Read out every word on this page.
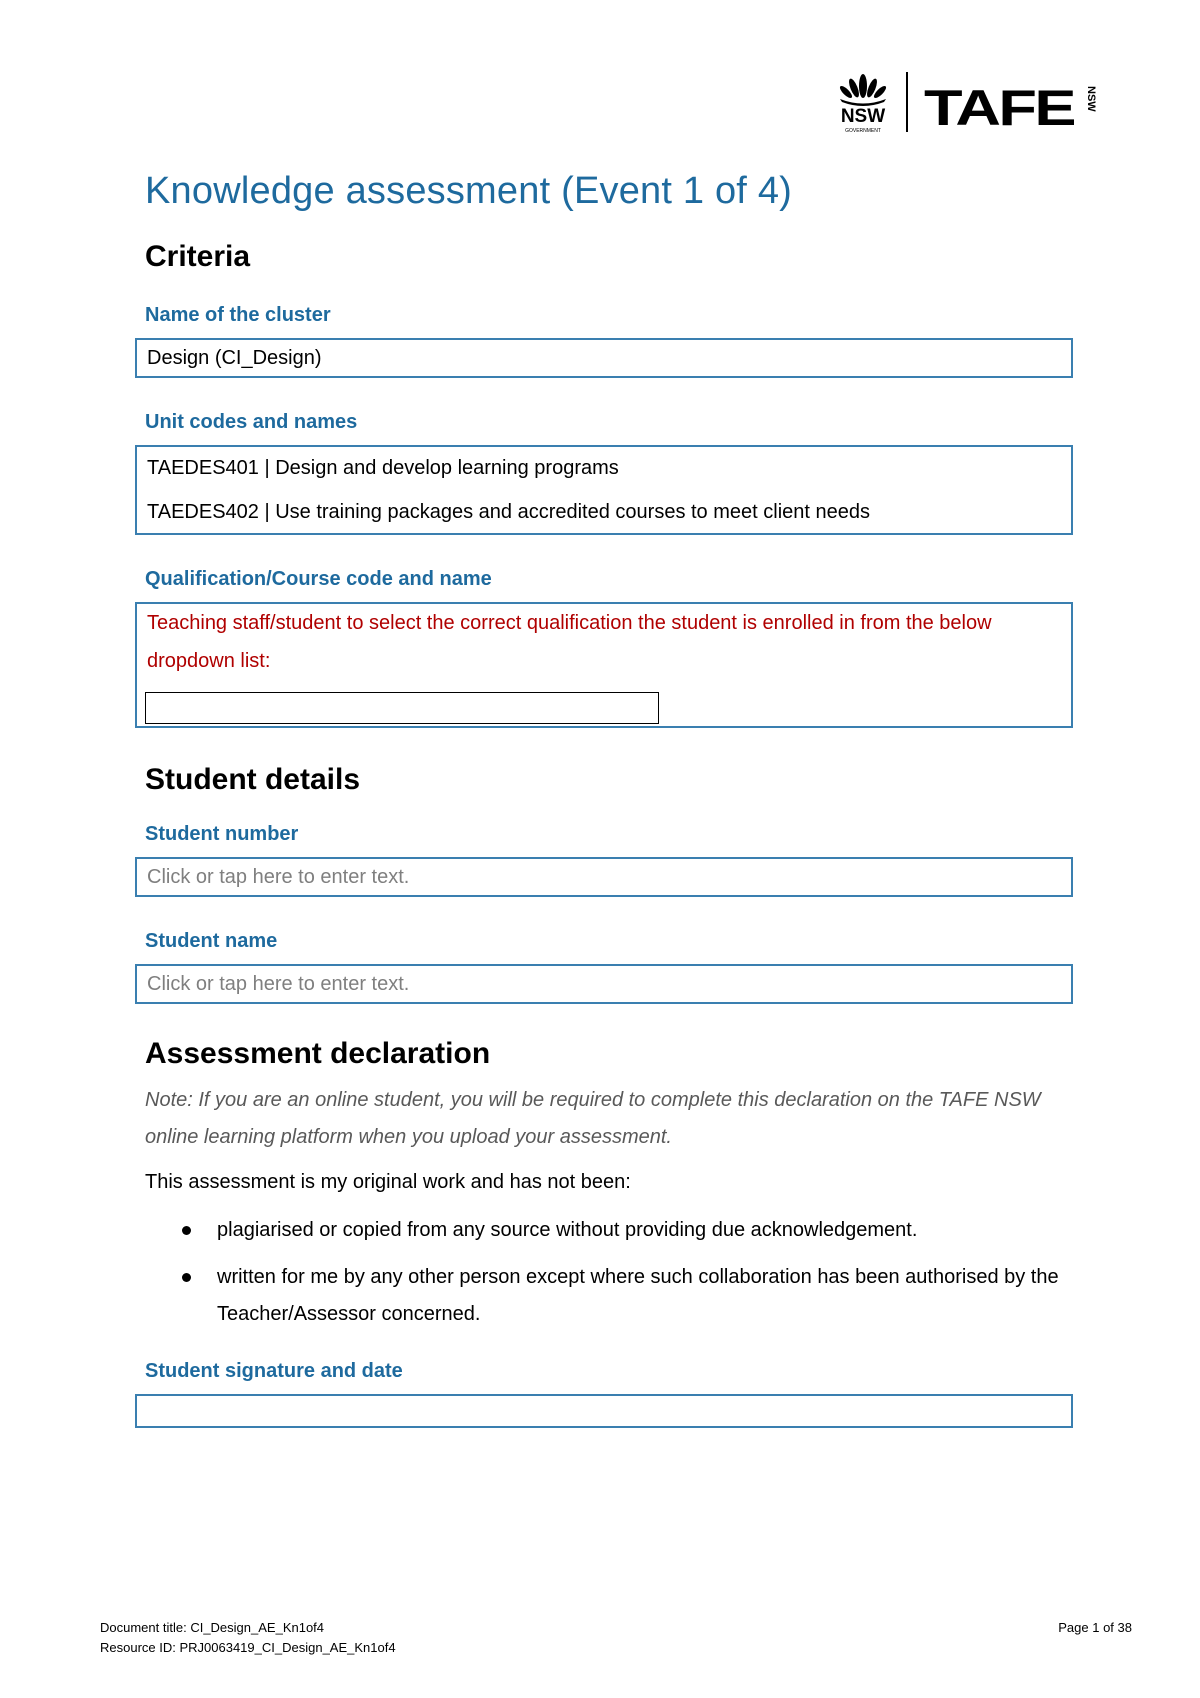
NSW
GOVERNMENT TAFE NSW
Knowledge assessment (Event 1 of 4)
Criteria
Name of the cluster
Design (CI_Design)
Unit codes and names
TAEDES401 | Design and develop learning programs
TAEDES402 | Use training packages and accredited courses to meet client needs
Qualification/Course code and name
Teaching staff/student to select the correct qualification the student is enrolled in from the below dropdown list:
Student details
Student number
Click or tap here to enter text.
Student name
Click or tap here to enter text.
Assessment declaration

Note: If you are an online student, you will be required to complete this declaration on the TAFE NSW online learning platform when you upload your assessment.

This assessment is my original work and has not been:

plagiarised or copied from any source without providing due acknowledgement.
written for me by any other person except where such collaboration has been authorised by the Teacher/Assessor concerned.
Student signature and date
Document title: CI_Design_AE_Kn1of4
Resource ID: PRJ0063419_CI_Design_AE_Kn1of4
Page 1 of 38
